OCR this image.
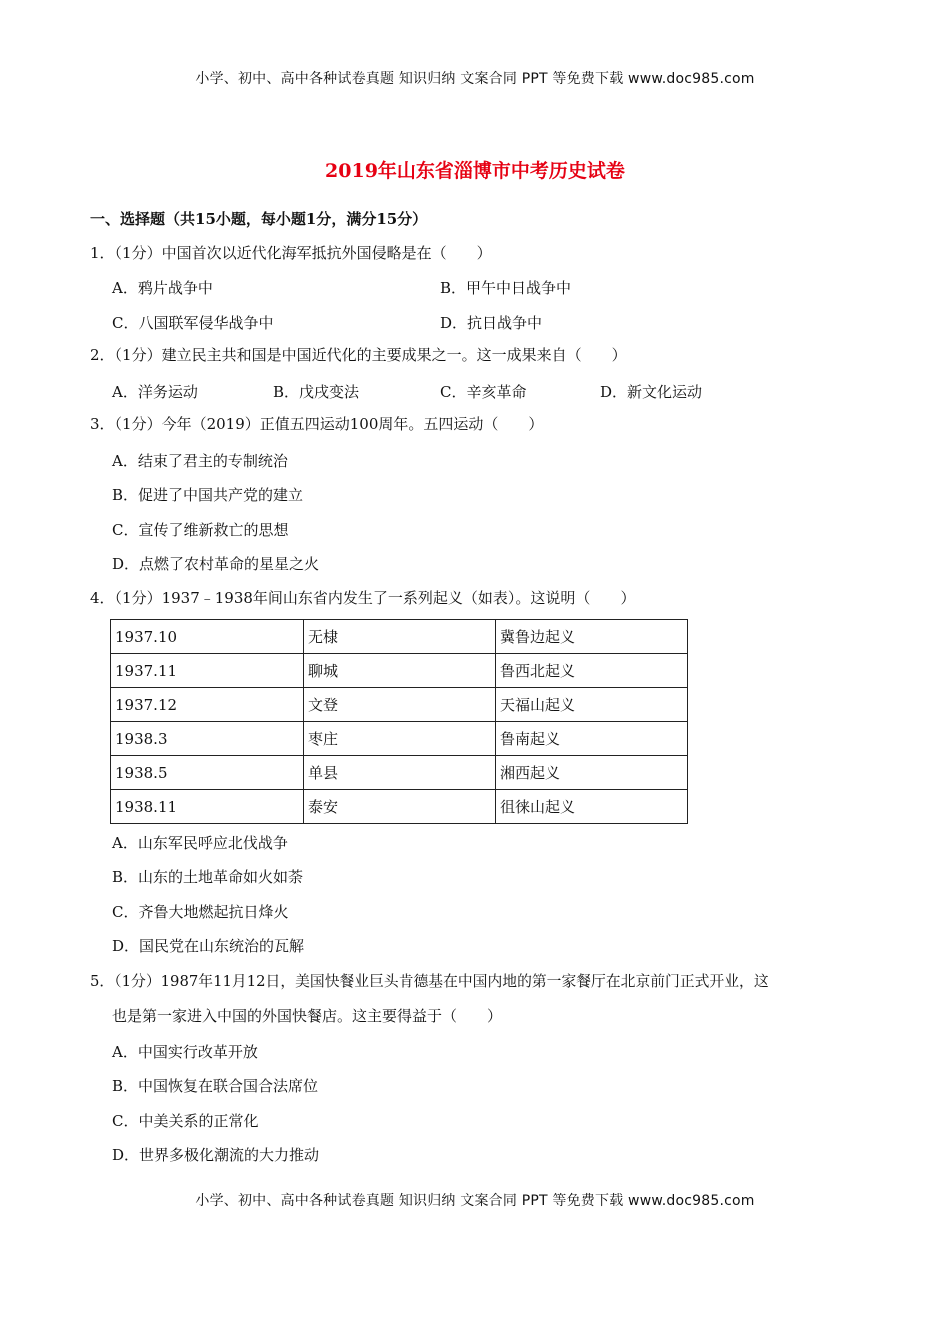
小学、初中、高中各种试卷真题 知识归纳 文案合同 PPT 等免费下载 www.doc985.com
2019年山东省淄博市中考历史试卷
一、选择题（共15小题，每小题1分，满分15分）
1．（1分）中国首次以近代化海军抵抗外国侵略是在（　　）
A．鸦片战争中	B．甲午中日战争中
C．八国联军侵华战争中	D．抗日战争中
2．（1分）建立民主共和国是中国近代化的主要成果之一。这一成果来自（　　）
A．洋务运动	B．戊戌变法	C．辛亥革命	D．新文化运动
3．（1分）今年（2019）正值五四运动100周年。五四运动（　　）
A．结束了君主的专制统治
B．促进了中国共产党的建立
C．宣传了维新救亡的思想
D．点燃了农村革命的星星之火
4．（1分）1937﹣1938年间山东省内发生了一系列起义（如表）。这说明（　　）
1937.10	无棣	冀鲁边起义
1937.11	聊城	鲁西北起义
1937.12	文登	天福山起义
1938.3	枣庄	鲁南起义
1938.5	单县	湘西起义
1938.11	泰安	徂徕山起义
A．山东军民呼应北伐战争
B．山东的土地革命如火如荼
C．齐鲁大地燃起抗日烽火
D．国民党在山东统治的瓦解
5．（1分）1987年11月12日，美国快餐业巨头肯德基在中国内地的第一家餐厅在北京前门正式开业，这
也是第一家进入中国的外国快餐店。这主要得益于（　　）
A．中国实行改革开放
B．中国恢复在联合国合法席位
C．中美关系的正常化
D．世界多极化潮流的大力推动
小学、初中、高中各种试卷真题 知识归纳 文案合同 PPT 等免费下载 www.doc985.com
